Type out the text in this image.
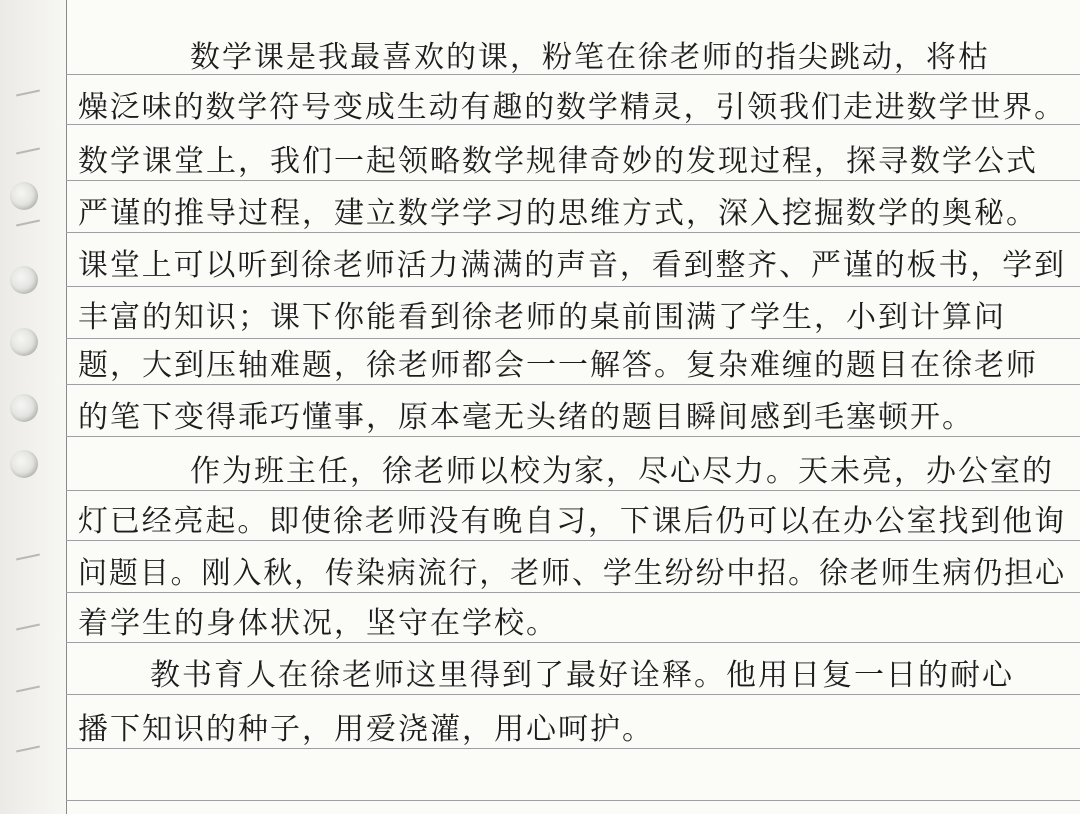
数学课是我最喜欢的课，粉笔在徐老师的指尖跳动，将枯
燥泛味的数学符号变成生动有趣的数学精灵，引领我们走进数学世界。
数学课堂上，我们一起领略数学规律奇妙的发现过程，探寻数学公式
严谨的推导过程，建立数学学习的思维方式，深入挖掘数学的奥秘。
课堂上可以听到徐老师活力满满的声音，看到整齐、严谨的板书，学到
丰富的知识；课下你能看到徐老师的桌前围满了学生，小到计算问
题，大到压轴难题，徐老师都会一一解答。复杂难缠的题目在徐老师
的笔下变得乖巧懂事，原本毫无头绪的题目瞬间感到毛塞顿开。
作为班主任，徐老师以校为家，尽心尽力。天未亮，办公室的
灯已经亮起。即使徐老师没有晚自习，下课后仍可以在办公室找到他询
问题目。刚入秋，传染病流行，老师、学生纷纷中招。徐老师生病仍担心
着学生的身体状况，坚守在学校。
教书育人在徐老师这里得到了最好诠释。他用日复一日的耐心
播下知识的种子，用爱浇灌，用心呵护。
